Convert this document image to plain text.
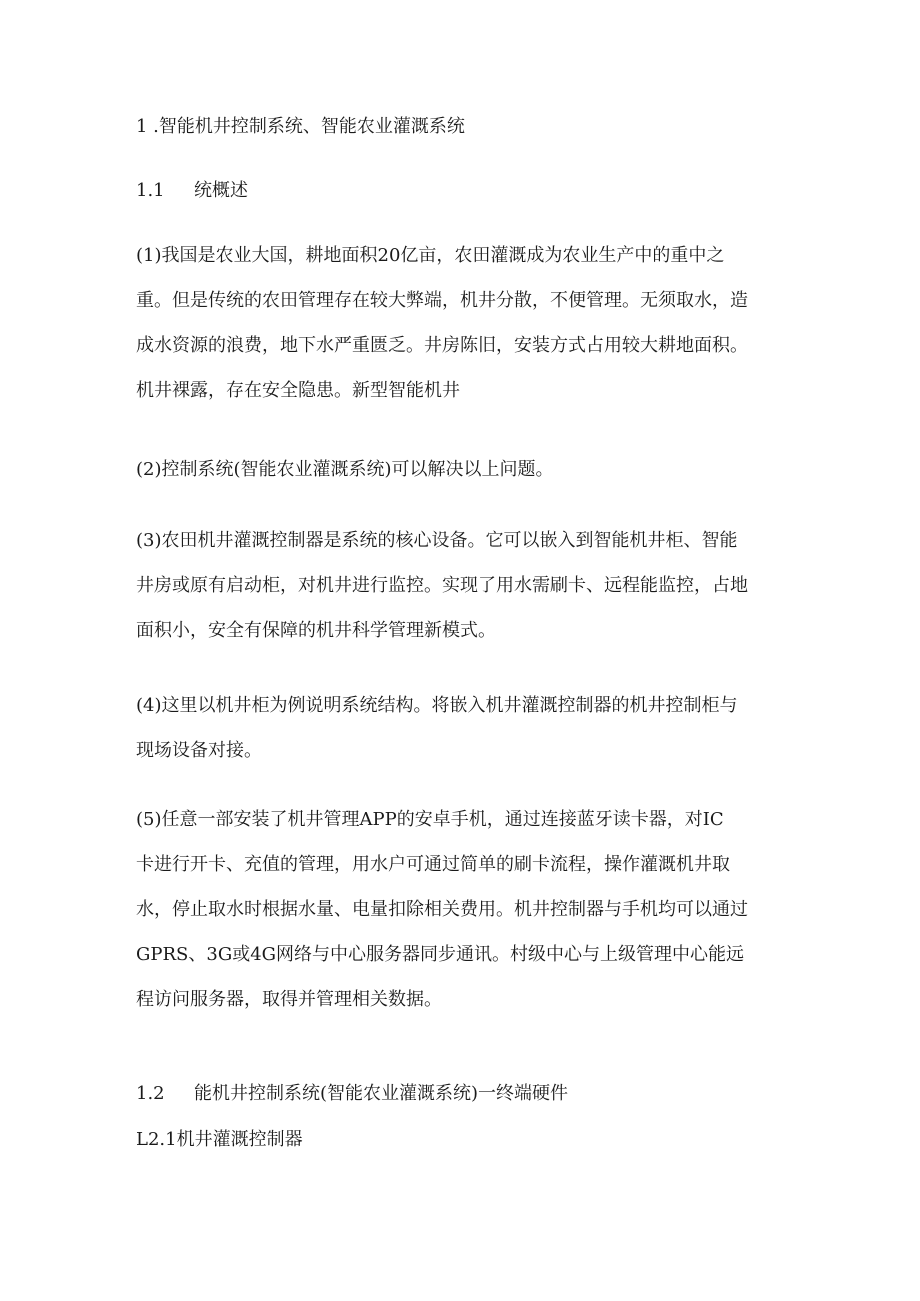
1 .智能机井控制系统、智能农业灌溉系统
1.1 统概述

(1)我国是农业大国，耕地面积20亿亩，农田灌溉成为农业生产中的重中之

重。但是传统的农田管理存在较大弊端，机井分散，不便管理。无须取水，造

成水资源的浪费，地下水严重匮乏。井房陈旧，安装方式占用较大耕地面积。

机井裸露，存在安全隐患。新型智能机井

(2)控制系统(智能农业灌溉系统)可以解决以上问题。

(3)农田机井灌溉控制器是系统的核心设备。它可以嵌入到智能机井柜、智能

井房或原有启动柜，对机井进行监控。实现了用水需刷卡、远程能监控，占地

面积小，安全有保障的机井科学管理新模式。

(4)这里以机井柜为例说明系统结构。将嵌入机井灌溉控制器的机井控制柜与

现场设备对接。

(5)任意一部安装了机井管理APP的安卓手机，通过连接蓝牙读卡器，对IC

卡进行开卡、充值的管理，用水户可通过简单的刷卡流程，操作灌溉机井取

水，停止取水时根据水量、电量扣除相关费用。机井控制器与手机均可以通过

GPRS、3G或4G网络与中心服务器同步通讯。村级中心与上级管理中心能远

程访问服务器，取得并管理相关数据。

1.2 能机井控制系统(智能农业灌溉系统)一终端硬件
L2.1机井灌溉控制器
